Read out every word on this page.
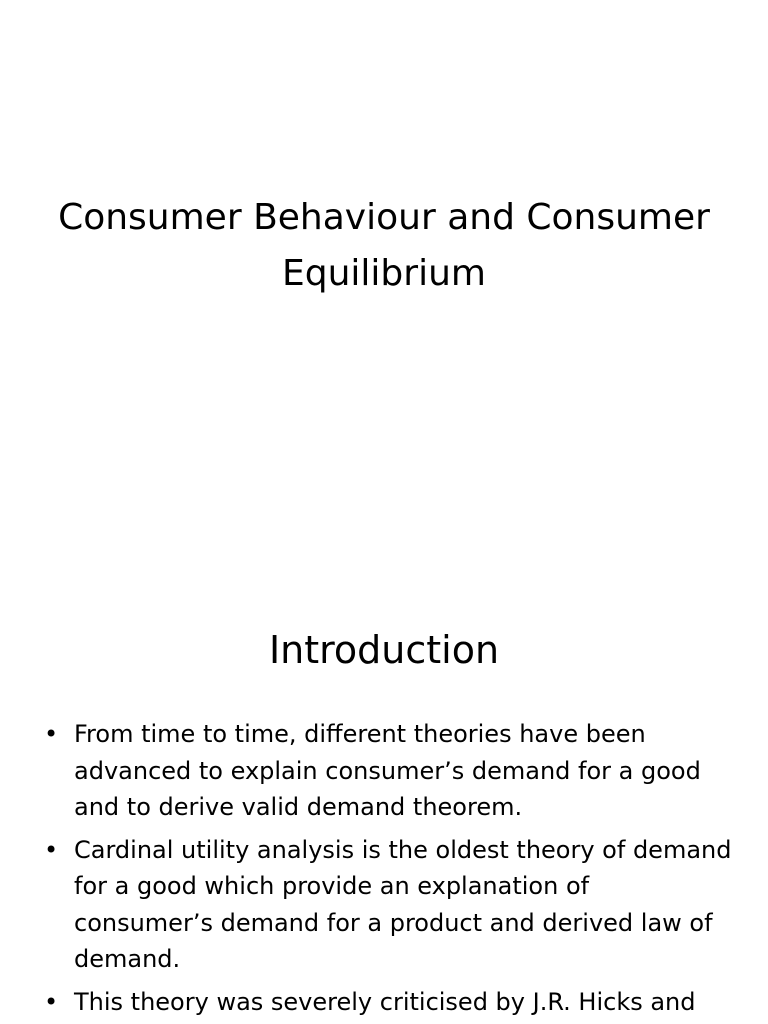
Consumer Behaviour and Consumer Equilibrium
Introduction
• From time to time, different theories have been advanced to explain consumer’s demand for a good and to derive valid demand theorem.
• Cardinal utility analysis is the oldest theory of demand for a good which provide an explanation of consumer’s demand for a product and derived law of demand.
• This theory was severely criticised by J.R. Hicks and
